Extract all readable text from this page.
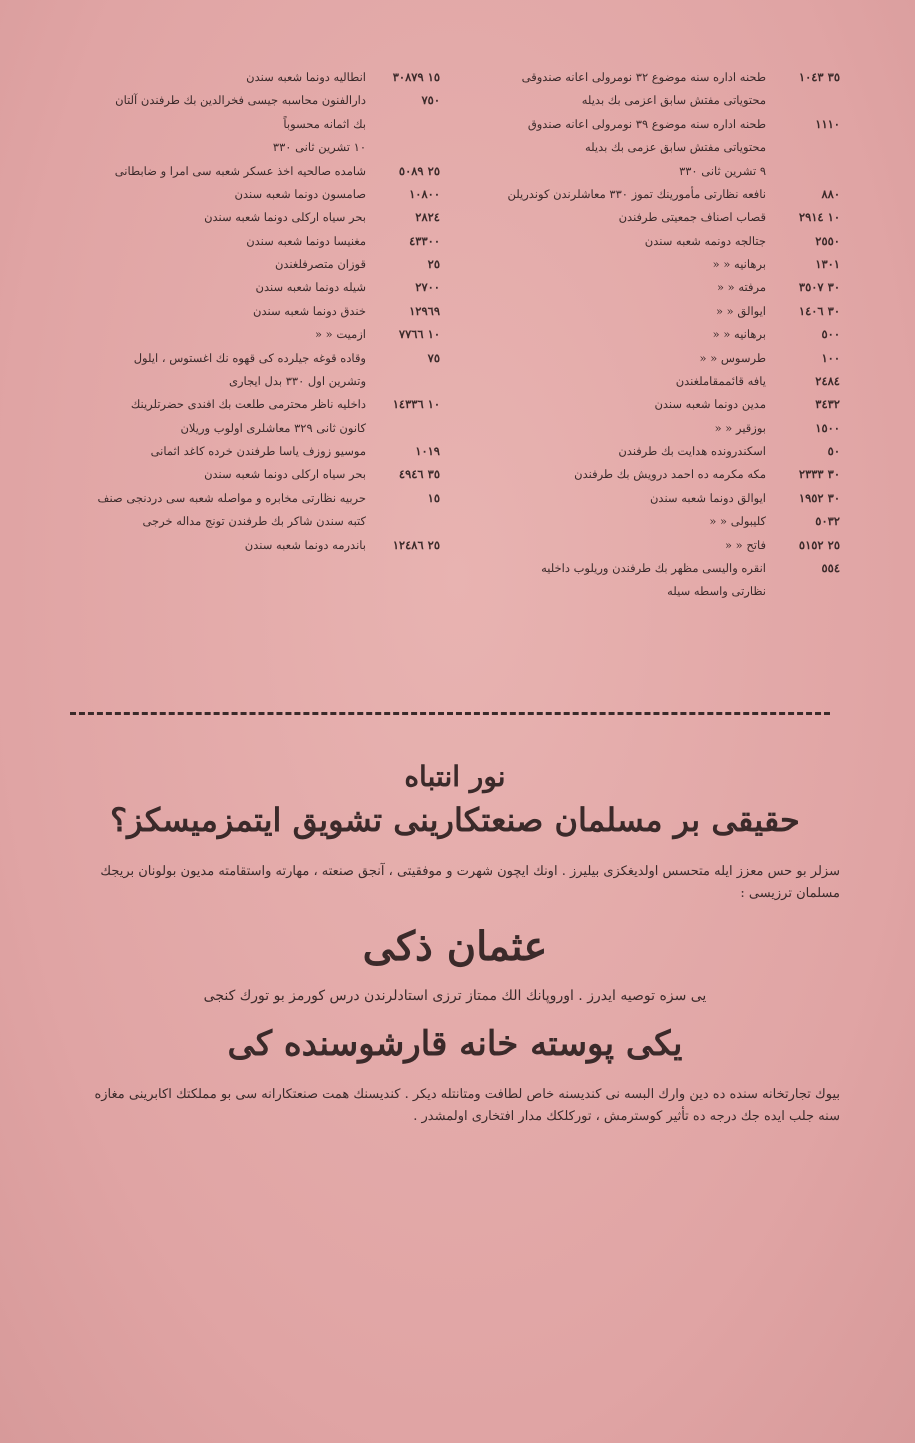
٣٥ ١٠٤٣
طحنه اداره سنه موضوع ٣٢ نومرولی اعانه صندوقی
محتویاتی مفتش سابق اعزمی بك بدیله
١١١٠
طحنه اداره سنه موضوع ٣٩ نومرولی اعانه صندوق
محتویاتی مفتش سابق عزمی بك بدیله
٩ تشرین ثانی ٣٣٠
٨٨٠
نافعه نظارتی مأمورینك تموز ٣٣٠ معاشلرندن كوندریلن
١٠ ٢٩١٤
قصاب اصناف جمعیتی طرفندن
٢٥٥٠
جتالجه دونمه شعبه سندن
١٣٠١
برهانیه « «
٣٠ ٣٥٠٧
مرفته « «
٣٠ ١٤٠٦
ایوالق « «
٥٠٠
برهانیه « «
١٠٠
طرسوس « «
٢٤٨٤
یافه قائممقاملغندن
٣٤٣٢
مدین دونما شعبه سندن
١٥٠٠
بوزقیر « «
٥٠
اسكندرونده هدایت بك طرفندن
٣٠ ٢٣٣٣
مكه مكرمه ده احمد درویش بك طرفندن
٣٠ ١٩٥٢
ایوالق دونما شعبه سندن
٥٠٣٢
كلیبولی « «
٢٥ ٥١٥٢
فاتح « «
٥٥٤
انقره والیسی مظهر بك طرفندن وریلوب داخلیه
نظارتی واسطه سیله
١٥ ٣٠٨٧٩
انطالیه دونما شعبه سندن
٧٥٠
دارالفنون محاسبه جیسی فخرالدین بك طرفندن آلتان
بك اثمانه محسوباً
١٠ تشرین ثانی ٣٣٠
٢٥ ٥٠٨٩
شامده صالحیه اخذ عسكر شعبه سی امرا و ضابطانی
١٠٨٠٠
صامسون دونما شعبه سندن
٢٨٢٤
بحر سیاه اركلی دونما شعبه سندن
٤٣٣٠٠
مغنیسا دونما شعبه سندن
٢٥
قوزان متصرفلغندن
٢٧٠٠
شیله دونما شعبه سندن
١٢٩٦٩
خندق دونما شعبه سندن
١٠ ٧٧٦٦
ازمیت « «
٧٥
وقاده قوغه جیلرده كی قهوه نك اغستوس ، ایلول
وتشرین اول ٣٣٠ بدل ایجاری
١٠ ١٤٣٣٦
داخلیه ناظر محترمی طلعت بك افندی حضرتلرینك
كانون ثانی ٣٢٩ معاشلری اولوب وریلان
١٠١٩
موسیو زوزف یاسا طرفندن خرده كاغد اثمانی
٣٥ ٤٩٤٦
بحر سیاه اركلی دونما شعبه سندن
١٥
حربیه نظارتی مخابره و مواصله شعبه سی دردنجی صنف
كتبه سندن شاكر بك طرفندن تونج مداله خرجی
٢٥ ١٢٤٨٦
باندرمه دونما شعبه سندن
نور انتباه
حقیقی بر مسلمان صنعتكارینی تشویق ایتمزمیسكز؟
سزلر بو حس معزز ایله متحسس اولدیغكزی بیلیرز . اونك ایچون شهرت و موفقیتی ، آنجق صنعته ، مهارته واستقامته مدیون بولونان بریجك مسلمان ترزیسی :
عثمان ذكی
یی سزه توصیه ایدرز . اوروپانك الك ممتاز ترزی استادلرندن درس كورمز بو تورك كنجی
یكی پوسته خانه قارشوسنده كی
بیوك تجارتخانه سنده ده دین وارك البسه نی كندیسنه خاص لطافت ومتانتله دیكر . كندیسنك همت صنعتكارانه سی بو مملكتك اكابرینی مغازه سنه جلب ایده جك درجه ده تأثیر كوسترمش ، توركلكك مدار افتخاری اولمشدر .
